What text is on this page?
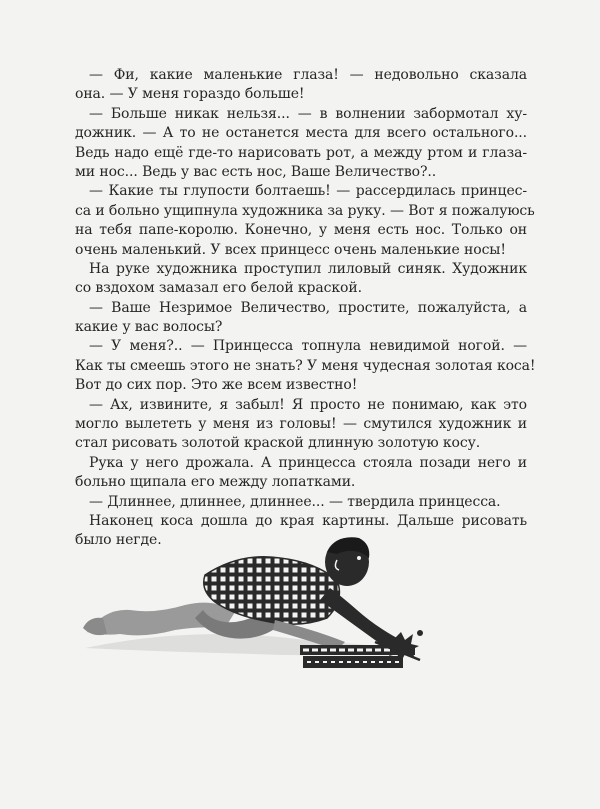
— Фи, какие маленькие глаза! — недовольно сказала
она. — У меня гораздо больше!
— Больше никак нельзя... — в волнении забормотал ху-
дожник. — А то не останется места для всего остального...
Ведь надо ещё где-то нарисовать рот, а между ртом и глаза-
ми нос... Ведь у вас есть нос, Ваше Величество?..
— Какие ты глупости болтаешь! — рассердилась принцес-
са и больно ущипнула художника за руку. — Вот я пожалуюсь
на тебя папе-королю. Конечно, у меня есть нос. Только он
очень маленький. У всех принцесс очень маленькие носы!
На руке художника проступил лиловый синяк. Художник
со вздохом замазал его белой краской.
— Ваше Незримое Величество, простите, пожалуйста, а
какие у вас волосы?
— У меня?.. — Принцесса топнула невидимой ногой. —
Как ты смеешь этого не знать? У меня чудесная золотая коса!
Вот до сих пор. Это же всем известно!
— Ах, извините, я забыл! Я просто не понимаю, как это
могло вылететь у меня из головы! — смутился художник и
стал рисовать золотой краской длинную золотую косу.
Рука у него дрожала. А принцесса стояла позади него и
больно щипала его между лопатками.
— Длиннее, длиннее, длиннее... — твердила принцесса.
Наконец коса дошла до края картины. Дальше рисовать
было негде.
